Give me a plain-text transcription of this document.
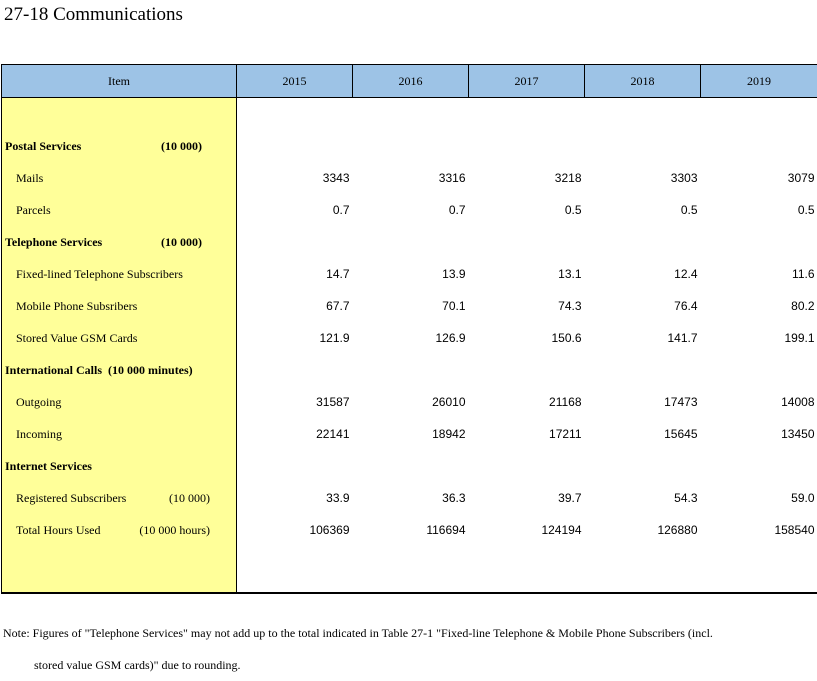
27-18 Communications
Item	2015	2016	2017	2018	2019

Postal Services (10 000)					

Mails	3343	3316	3218	3303	3079
Parcels	0.7	0.7	0.5	0.5	0.5
Telephone Services (10 000)					

Fixed-lined Telephone Subscribers	14.7	13.9	13.1	12.4	11.6
Mobile Phone Subsribers	67.7	70.1	74.3	76.4	80.2
Stored Value GSM Cards	121.9	126.9	150.6	141.7	199.1
International Calls (10 000 minutes)					
Outgoing	31587	26010	21168	17473	14008
Incoming	22141	18942	17211	15645	13450
Internet Services					
Registered Subscribers (10 000)	33.9	36.3	39.7	54.3	59.0
Total Hours Used (10 000 hours)	106369	116694	124194	126880	158540

Note: Figures of "Telephone Services" may not add up to the total indicated in Table 27-1 "Fixed-line Telephone & Mobile Phone Subscribers (incl.
stored value GSM cards)" due to rounding.
